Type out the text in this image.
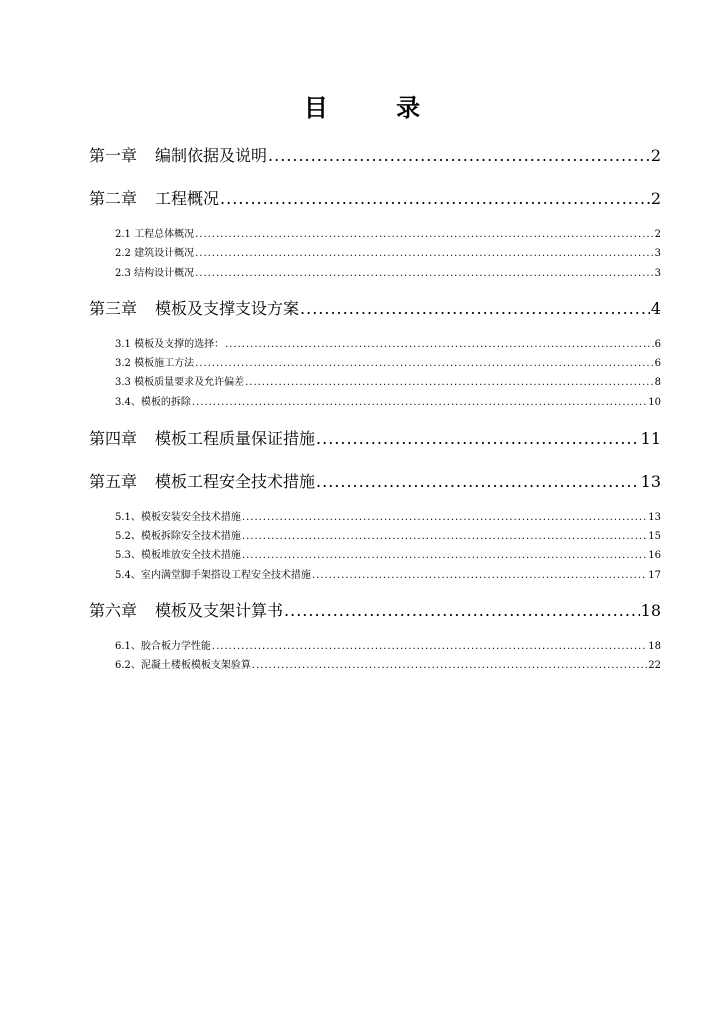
目 录
第一章 编制依据及说明 .....	2
第二章 工程概况 .....	2
2.1 工程总体概况 .....	2
2.2 建筑设计概况 .....	3
2.3 结构设计概况 .....	3
第三章 模板及支撑支设方案 .....	4
3.1 模板及支撑的选择： .....	6
3.2 模板施工方法 .....	6
3.3 模板质量要求及允许偏差 .....	8
3.4、模板的拆除 .....	10
第四章 模板工程质量保证措施 .....	11
第五章 模板工程安全技术措施 .....	13
5.1、模板安装安全技术措施 .....	13
5.2、模板拆除安全技术措施 .....	15
5.3、模板堆放安全技术措施 .....	16
5.4、室内满堂脚手架搭设工程安全技术措施 .....	17
第六章 模板及支架计算书 .....	18
6.1、胶合板力学性能 .....	18
6.2、泥凝土楼板模板支架验算 .....	22
